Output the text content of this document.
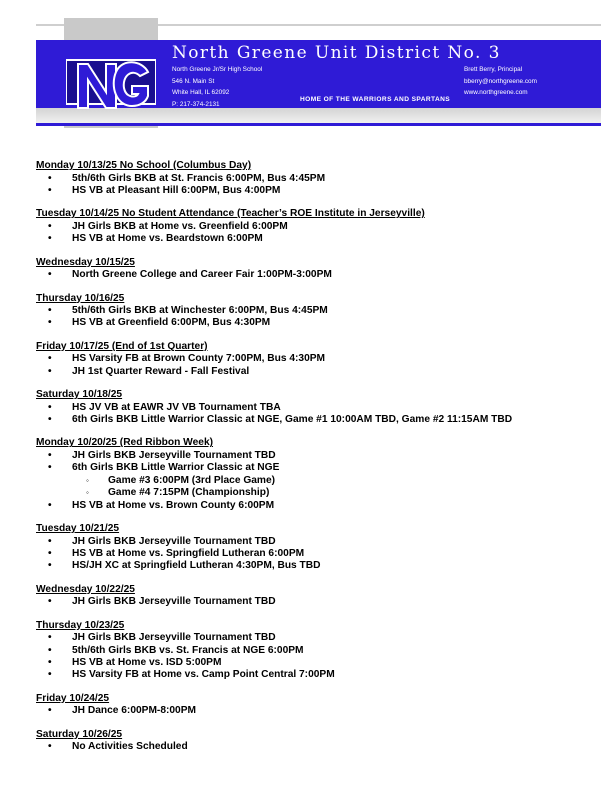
North Greene Unit District No. 3
North Greene Jr/Sr High School
546 N. Main St
White Hall, IL 62092
P: 217-374-2131
Brett Berry, Principal
bberry@northgreene.com
www.northgreene.com
HOME OF THE WARRIORS AND SPARTANS
Monday 10/13/25 No School (Columbus Day)
• 5th/6th Girls BKB at St. Francis 6:00PM, Bus 4:45PM
• HS VB at Pleasant Hill 6:00PM, Bus 4:00PM
Tuesday 10/14/25 No Student Attendance (Teacher’s ROE Institute in Jerseyville)
• JH Girls BKB at Home vs. Greenfield 6:00PM
• HS VB at Home vs. Beardstown 6:00PM
Wednesday 10/15/25
• North Greene College and Career Fair 1:00PM-3:00PM
Thursday 10/16/25
• 5th/6th Girls BKB at Winchester 6:00PM, Bus 4:45PM
• HS VB at Greenfield 6:00PM, Bus 4:30PM
Friday 10/17/25 (End of 1st Quarter)
• HS Varsity FB at Brown County 7:00PM, Bus 4:30PM
• JH 1st Quarter Reward - Fall Festival
Saturday 10/18/25
• HS JV VB at EAWR JV VB Tournament TBA
• 6th Girls BKB Little Warrior Classic at NGE, Game #1 10:00AM TBD, Game #2 11:15AM TBD
Monday 10/20/25 (Red Ribbon Week)
• JH Girls BKB Jerseyville Tournament TBD
• 6th Girls BKB Little Warrior Classic at NGE
◦ Game #3 6:00PM (3rd Place Game)
◦ Game #4 7:15PM (Championship)
• HS VB at Home vs. Brown County 6:00PM
Tuesday 10/21/25
• JH Girls BKB Jerseyville Tournament TBD
• HS VB at Home vs. Springfield Lutheran 6:00PM
• HS/JH XC at Springfield Lutheran 4:30PM, Bus TBD
Wednesday 10/22/25
• JH Girls BKB Jerseyville Tournament TBD
Thursday 10/23/25
• JH Girls BKB Jerseyville Tournament TBD
• 5th/6th Girls BKB vs. St. Francis at NGE 6:00PM
• HS VB at Home vs. ISD 5:00PM
• HS Varsity FB at Home vs. Camp Point Central 7:00PM
Friday 10/24/25
• JH Dance 6:00PM-8:00PM
Saturday 10/26/25
• No Activities Scheduled
